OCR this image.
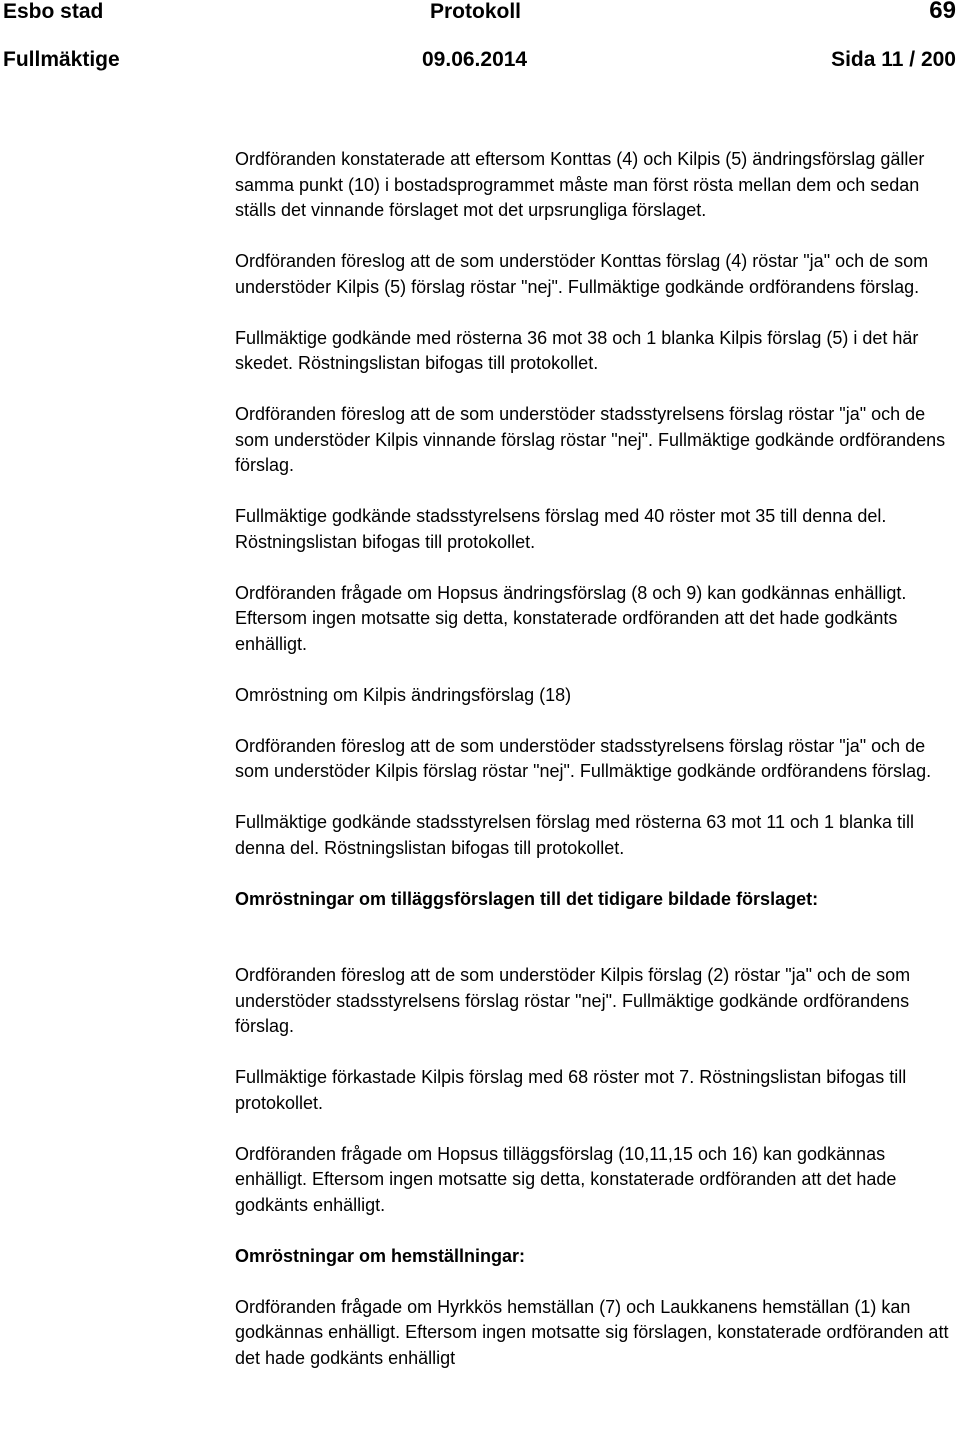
Esbo stad	Protokoll	69
Fullmäktige	09.06.2014	Sida 11 / 200

Ordföranden konstaterade att eftersom Konttas (4) och Kilpis (5) ändringsförslag gäller samma punkt (10) i bostadsprogrammet måste man först rösta mellan dem och sedan ställs det vinnande förslaget mot det urpsrungliga förslaget.

Ordföranden föreslog att de som understöder Konttas förslag (4) röstar "ja" och de som understöder Kilpis (5) förslag röstar "nej". Fullmäktige godkände ordförandens förslag.

Fullmäktige godkände med rösterna 36 mot 38 och 1 blanka Kilpis förslag (5) i det här skedet. Röstningslistan bifogas till protokollet.

Ordföranden föreslog att de som understöder stadsstyrelsens förslag röstar "ja" och de som understöder Kilpis vinnande förslag röstar "nej". Fullmäktige godkände ordförandens förslag.

Fullmäktige godkände stadsstyrelsens förslag med 40 röster mot 35 till denna del. Röstningslistan bifogas till protokollet.

Ordföranden frågade om Hopsus ändringsförslag (8 och 9) kan godkännas enhälligt. Eftersom ingen motsatte sig detta, konstaterade ordföranden att det hade godkänts enhälligt.

Omröstning om Kilpis ändringsförslag (18)

Ordföranden föreslog att de som understöder stadsstyrelsens förslag röstar "ja" och de som understöder Kilpis förslag röstar "nej". Fullmäktige godkände ordförandens förslag.

Fullmäktige godkände stadsstyrelsen förslag med rösterna 63 mot 11 och 1 blanka till denna del. Röstningslistan bifogas till protokollet.

Omröstningar om tilläggsförslagen till det tidigare bildade förslaget:

Ordföranden föreslog att de som understöder Kilpis förslag (2) röstar "ja" och de som understöder stadsstyrelsens förslag röstar "nej". Fullmäktige godkände ordförandens förslag.

Fullmäktige förkastade Kilpis förslag med 68 röster mot 7. Röstningslistan bifogas till protokollet.

Ordföranden frågade om Hopsus tilläggsförslag (10,11,15 och 16) kan godkännas enhälligt. Eftersom ingen motsatte sig detta, konstaterade ordföranden att det hade godkänts enhälligt.

Omröstningar om hemställningar:

Ordföranden frågade om Hyrkkös hemställan (7) och Laukkanens hemställan (1) kan godkännas enhälligt. Eftersom ingen motsatte sig förslagen, konstaterade ordföranden att det hade godkänts enhälligt
